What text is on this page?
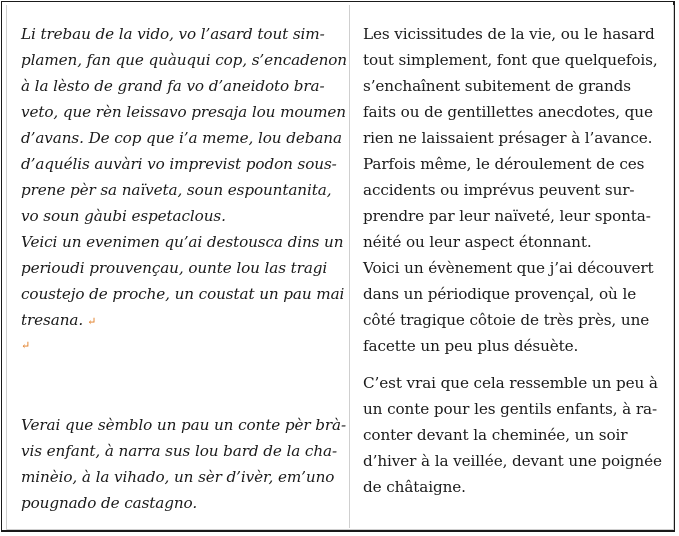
Li trebau de la vido, vo l’asard tout sim-
plamen, fan que quàuqui cop, s’encadenon
à la lèsto de grand fa vo d’aneidoto bra-
veto, que rèn leissavo presaja lou moumen
d’avans. De cop que i’a meme, lou debana
d’aquélis auvàri vo imprevist podon sous-
prene pèr sa naïveta, soun espountanita,
vo soun gàubi espetaclous.
Veici un evenimen qu’ai destousca dins un
perioudi prouvençau, ounte lou las tragi
coustejo de proche, un coustat un pau mai
tresana. ↵
↵
Verai que sèmblo un pau un conte pèr brà-
vis enfant, à narra sus lou bard de la cha-
minèio, à la vihado, un sèr d’ivèr, em’uno
pougnado de castagno.
Les vicissitudes de la vie, ou le hasard
tout simplement, font que quelquefois,
s’enchaînent subitement de grands
faits ou de gentillettes anecdotes, que
rien ne laissaient présager à l’avance.
Parfois même, le déroulement de ces
accidents ou imprévus peuvent sur-
prendre par leur naïveté, leur sponta-
néité ou leur aspect étonnant.
Voici un évènement que j’ai découvert
dans un périodique provençal, où le
côté tragique côtoie de très près, une
facette un peu plus désuète.
C’est vrai que cela ressemble un peu à
un conte pour les gentils enfants, à ra-
conter devant la cheminée, un soir
d’hiver à la veillée, devant une poignée
de châtaigne.
